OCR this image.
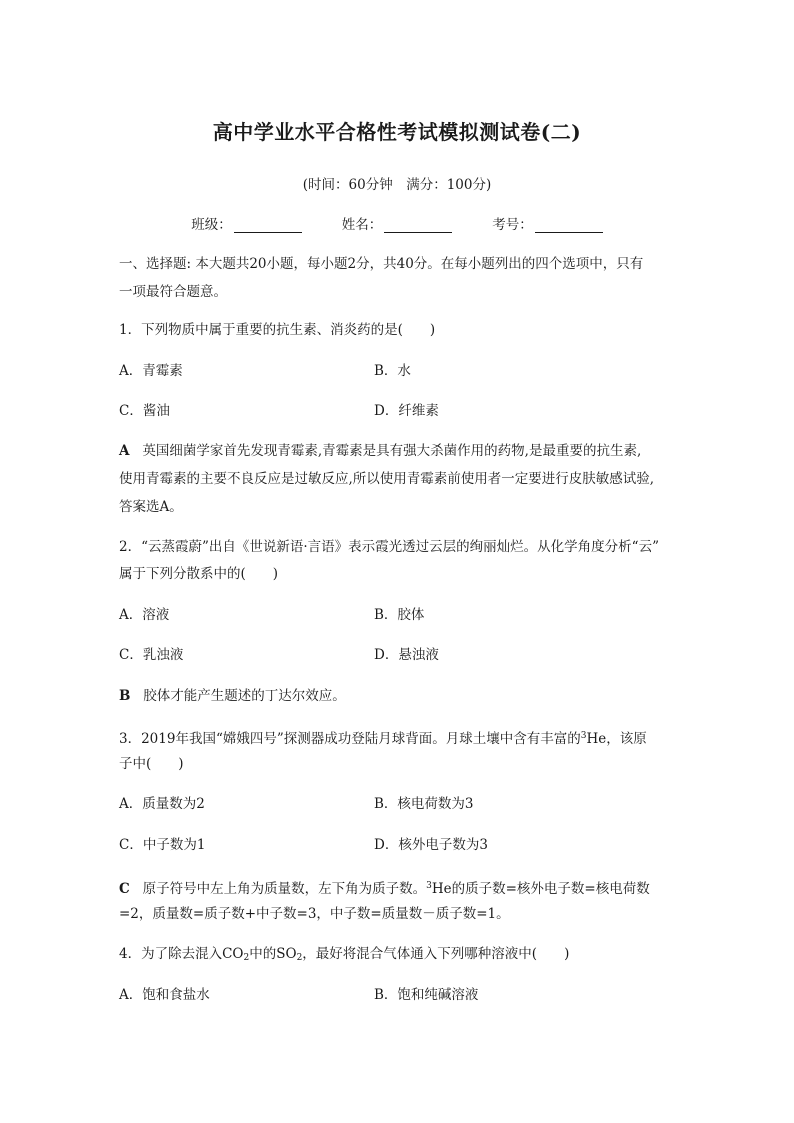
高中学业水平合格性考试模拟测试卷(二)
(时间：60分钟　满分：100分)
班级：	姓名：	考号：
一、选择题: 本大题共20小题，每小题2分，共40分。在每小题列出的四个选项中，只有
一项最符合题意。
1．下列物质中属于重要的抗生素、消炎药的是(　　)
A．青霉素	B．水
C．酱油	D．纤维素
A 英国细菌学家首先发现青霉素,青霉素是具有强大杀菌作用的药物,是最重要的抗生素,
使用青霉素的主要不良反应是过敏反应,所以使用青霉素前使用者一定要进行皮肤敏感试验,
答案选A。
2．“云蒸霞蔚”出自《世说新语·言语》表示霞光透过云层的绚丽灿烂。从化学角度分析“云”
属于下列分散系中的(　　)
A．溶液	B．胶体
C．乳浊液	D．悬浊液
B 胶体才能产生题述的丁达尔效应。
3．2019年我国“嫦娥四号”探测器成功登陆月球背面。月球土壤中含有丰富的$^3$He，该原
子中(　　)
A．质量数为2	B．核电荷数为3
C．中子数为1	D．核外电子数为3
C 原子符号中左上角为质量数，左下角为质子数。$^3$He的质子数=核外电子数=核电荷数
=2，质量数=质子数+中子数=3，中子数=质量数－质子数=1。
4．为了除去混入$CO_2$中的$SO_2$，最好将混合气体通入下列哪种溶液中(　　)
A．饱和食盐水	B．饱和纯碱溶液
